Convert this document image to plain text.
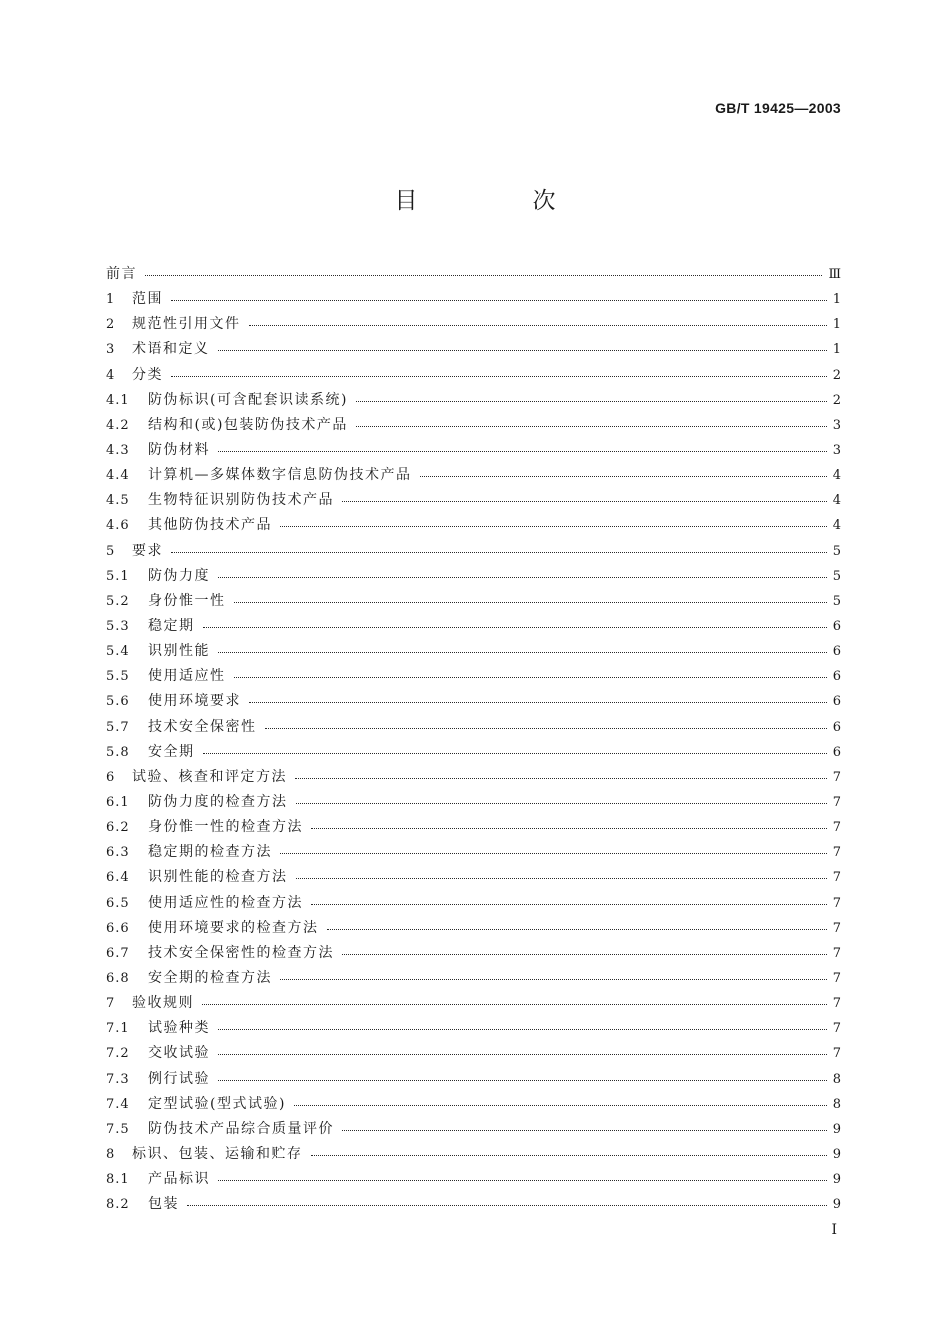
GB/T 19425—2003
目　次
前言	Ⅲ
1	范围	1
2	规范性引用文件	1
3	术语和定义	1
4	分类	2
4.1	防伪标识(可含配套识读系统)	2
4.2	结构和(或)包装防伪技术产品	3
4.3	防伪材料	3
4.4	计算机—多媒体数字信息防伪技术产品	4
4.5	生物特征识别防伪技术产品	4
4.6	其他防伪技术产品	4
5	要求	5
5.1	防伪力度	5
5.2	身份惟一性	5
5.3	稳定期	6
5.4	识别性能	6
5.5	使用适应性	6
5.6	使用环境要求	6
5.7	技术安全保密性	6
5.8	安全期	6
6	试验、核查和评定方法	7
6.1	防伪力度的检查方法	7
6.2	身份惟一性的检查方法	7
6.3	稳定期的检查方法	7
6.4	识别性能的检查方法	7
6.5	使用适应性的检查方法	7
6.6	使用环境要求的检查方法	7
6.7	技术安全保密性的检查方法	7
6.8	安全期的检查方法	7
7	验收规则	7
7.1	试验种类	7
7.2	交收试验	7
7.3	例行试验	8
7.4	定型试验(型式试验)	8
7.5	防伪技术产品综合质量评价	9
8	标识、包装、运输和贮存	9
8.1	产品标识	9
8.2	包装	9
I
